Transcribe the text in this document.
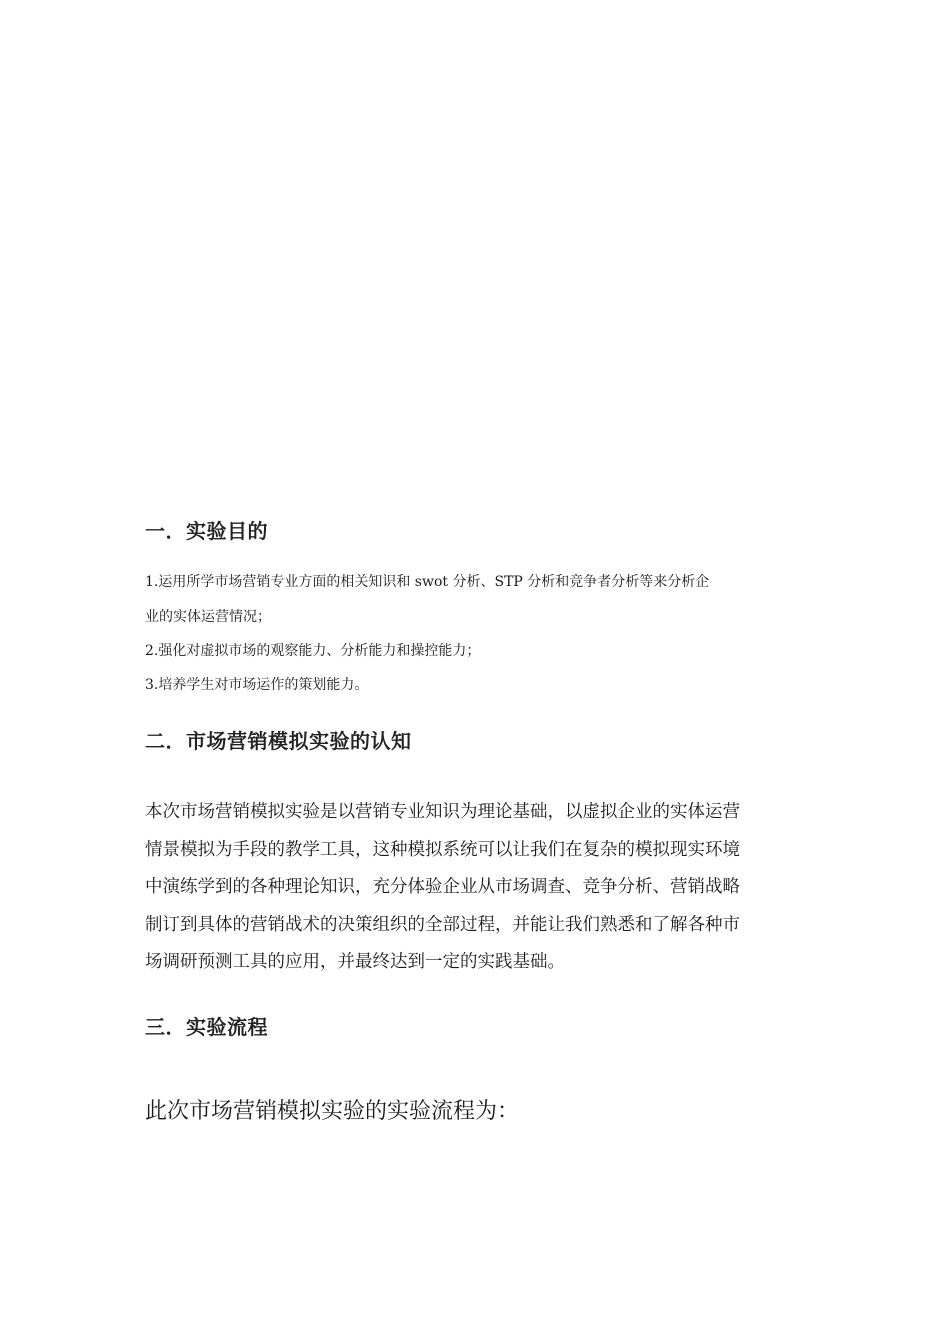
一．实验目的

1.运用所学市场营销专业方面的相关知识和 swot 分析、STP 分析和竞争者分析等来分析企

业的实体运营情况；

2.强化对虚拟市场的观察能力、分析能力和操控能力；

3.培养学生对市场运作的策划能力。

二．市场营销模拟实验的认知

本次市场营销模拟实验是以营销专业知识为理论基础，以虚拟企业的实体运营

情景模拟为手段的教学工具，这种模拟系统可以让我们在复杂的模拟现实环境

中演练学到的各种理论知识，充分体验企业从市场调查、竞争分析、营销战略

制订到具体的营销战术的决策组织的全部过程，并能让我们熟悉和了解各种市

场调研预测工具的应用，并最终达到一定的实践基础。

三．实验流程

此次市场营销模拟实验的实验流程为：
